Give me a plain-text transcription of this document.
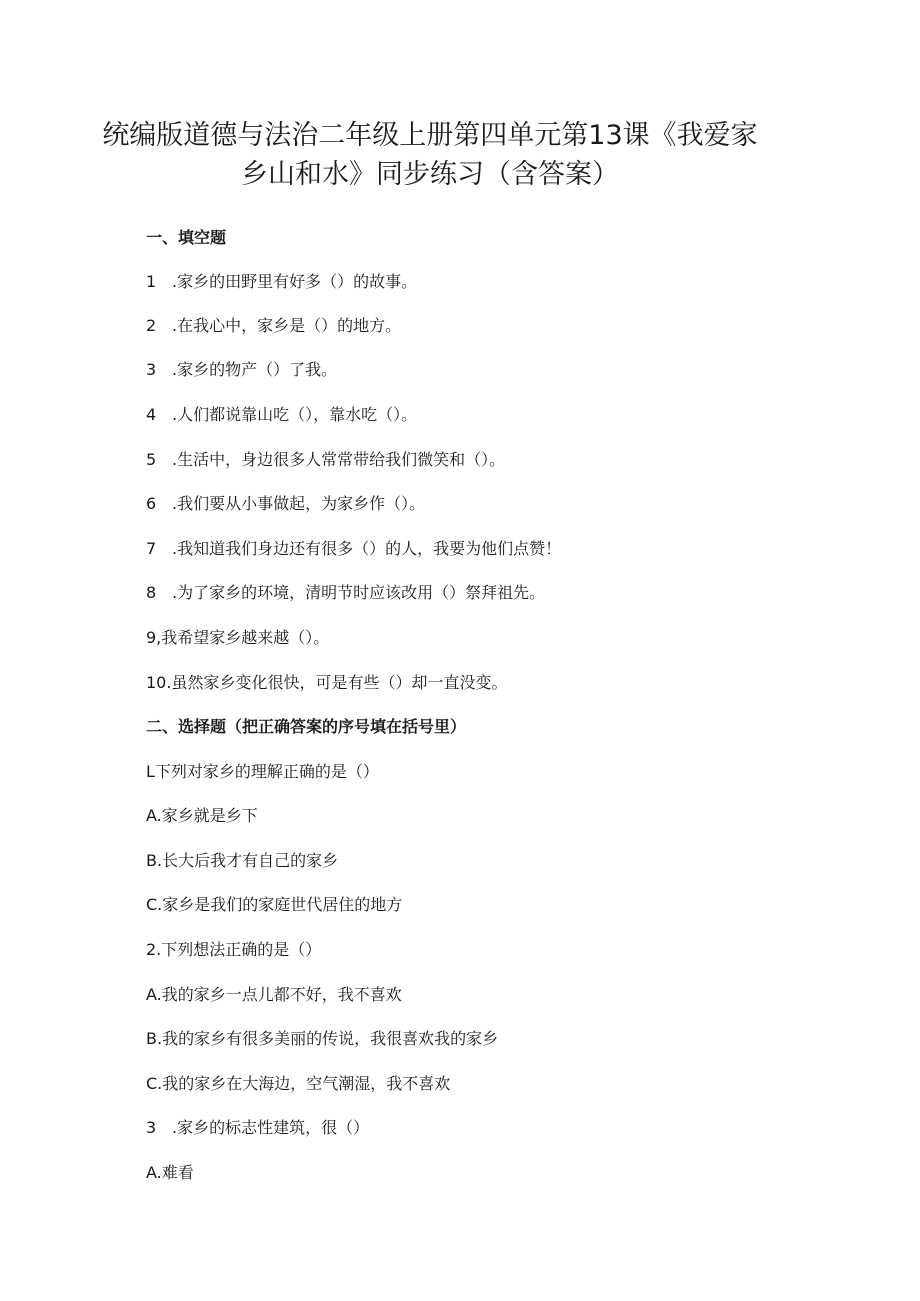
统编版道德与法治二年级上册第四单元第13课《我爱家
乡山和水》同步练习（含答案）
一、填空题
1 .家乡的田野里有好多（）的故事。
2 .在我心中，家乡是（）的地方。
3 .家乡的物产（）了我。
4 .人们都说靠山吃（），靠水吃（）。
5 .生活中，身边很多人常常带给我们微笑和（）。
6 .我们要从小事做起，为家乡作（）。
7 .我知道我们身边还有很多（）的人，我要为他们点赞！
8 .为了家乡的环境，清明节时应该改用（）祭拜祖先。
9,我希望家乡越来越（）。
10.虽然家乡变化很快，可是有些（）却一直没变。
二、选择题（把正确答案的序号填在括号里）
L下列对家乡的理解正确的是（）
A.家乡就是乡下
B.长大后我才有自己的家乡
C.家乡是我们的家庭世代居住的地方
2.下列想法正确的是（）
A.我的家乡一点儿都不好，我不喜欢
B.我的家乡有很多美丽的传说，我很喜欢我的家乡
C.我的家乡在大海边，空气潮湿，我不喜欢
3 .家乡的标志性建筑，很（）
A.难看
